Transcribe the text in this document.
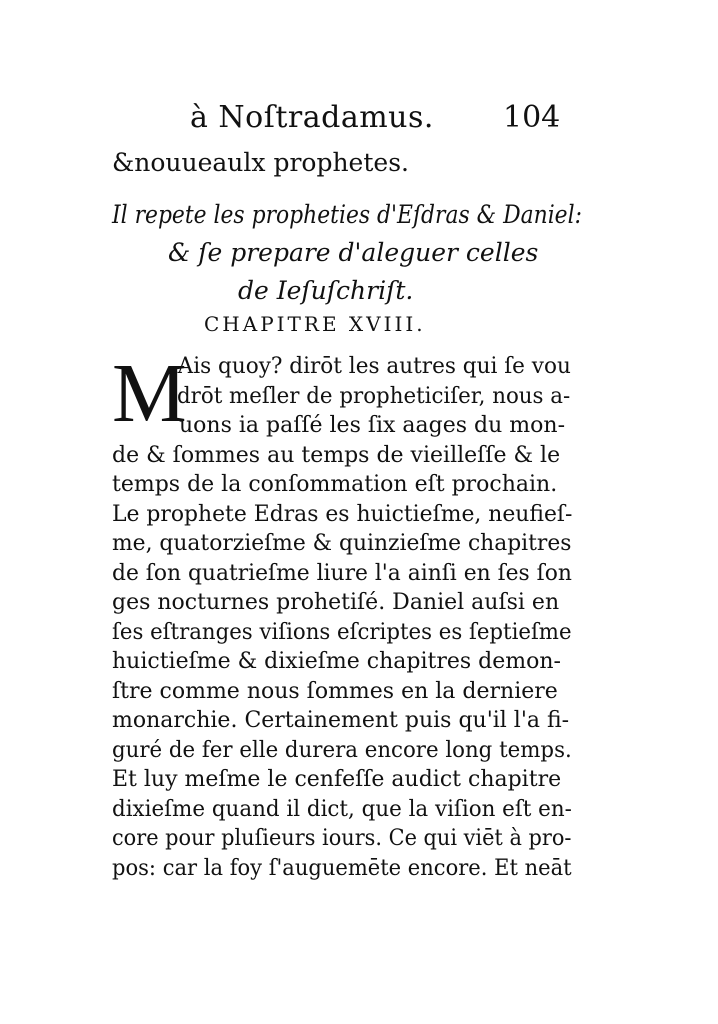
à Noſtradamus. 104
&nouueaulx prophetes.
Il repete les propheties d'Eſdras & Daniel:
& ſe prepare d'aleguer celles
de Ieſuſchriſt.
CHAPITRE XVIII.
M
Ais quoy? dirōt les autres qui ſe vou
drōt meſler de propheticiſer, nous a-
uons ia paſſé les ſix aages du mon-
de & ſommes au temps de vieilleſſe & le
temps de la conſommation eſt prochain.
Le prophete Edras es huictieſme, neufieſ-
me, quatorzieſme & quinzieſme chapitres
de ſon quatrieſme liure l'a ainſi en ſes ſon
ges nocturnes prohetiſé. Daniel auſsi en
ſes eſtranges viſions eſcriptes es ſeptieſme
huictieſme & dixieſme chapitres demon-
ſtre comme nous ſommes en la derniere
monarchie. Certainement puis qu'il l'a fi-
guré de fer elle durera encore long temps.
Et luy meſme le cenfeſſe audict chapitre
dixieſme quand il dict, que la viſion eſt en-
core pour pluſieurs iours. Ce qui viēt à pro-
pos: car la foy ſ'auguemēte encore. Et neāt
